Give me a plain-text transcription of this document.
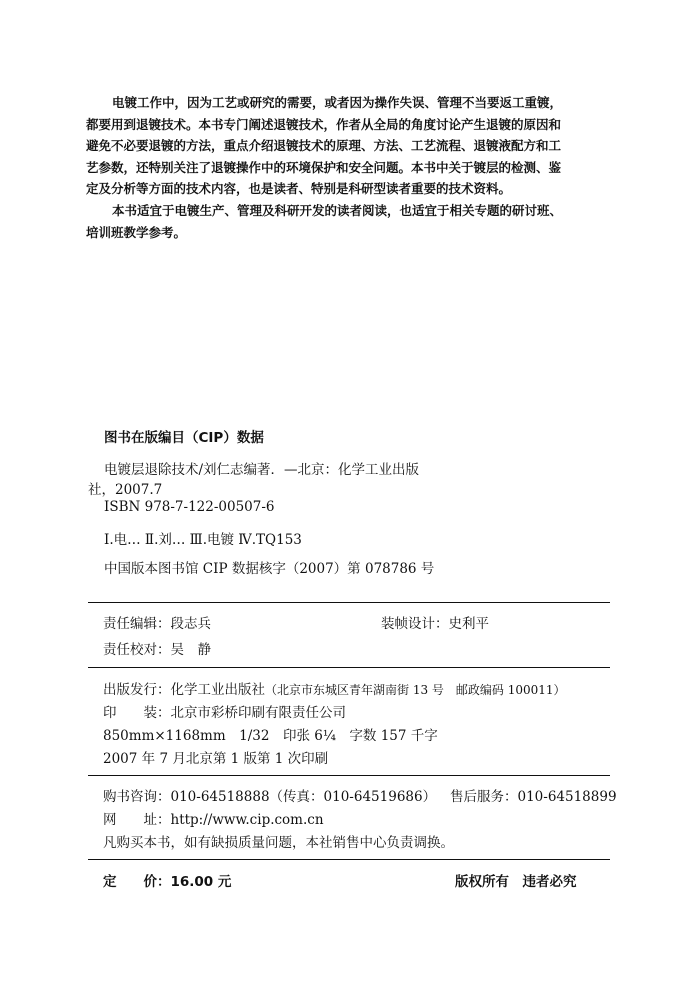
电镀工作中，因为工艺或研究的需要，或者因为操作失误、管理不当要返工重镀，
都要用到退镀技术。本书专门阐述退镀技术，作者从全局的角度讨论产生退镀的原因和
避免不必要退镀的方法，重点介绍退镀技术的原理、方法、工艺流程、退镀液配方和工
艺参数，还特别关注了退镀操作中的环境保护和安全问题。本书中关于镀层的检测、鉴
定及分析等方面的技术内容，也是读者、特别是科研型读者重要的技术资料。
本书适宜于电镀生产、管理及科研开发的读者阅读，也适宜于相关专题的研讨班、
培训班教学参考。
图书在版编目（CIP）数据
电镀层退除技术/刘仁志编著．—北京：化学工业出版
社，2007.7
ISBN 978-7-122-00507-6
Ⅰ.电… Ⅱ.刘… Ⅲ.电镀 Ⅳ.TQ153
中国版本图书馆 CIP 数据核字（2007）第 078786 号
责任编辑：段志兵	装帧设计：史利平
责任校对：吴　静
出版发行：化学工业出版社（北京市东城区青年湖南街 13 号　邮政编码 100011）
印　　装：北京市彩桥印刷有限责任公司
850mm×1168mm　1/32　印张 6¼　字数 157 千字
2007 年 7 月北京第 1 版第 1 次印刷
购书咨询：010-64518888（传真：010-64519686） 售后服务：010-64518899
网　　址：http://www.cip.com.cn
凡购买本书，如有缺损质量问题，本社销售中心负责调换。
定　　价：16.00 元	版权所有　违者必究
